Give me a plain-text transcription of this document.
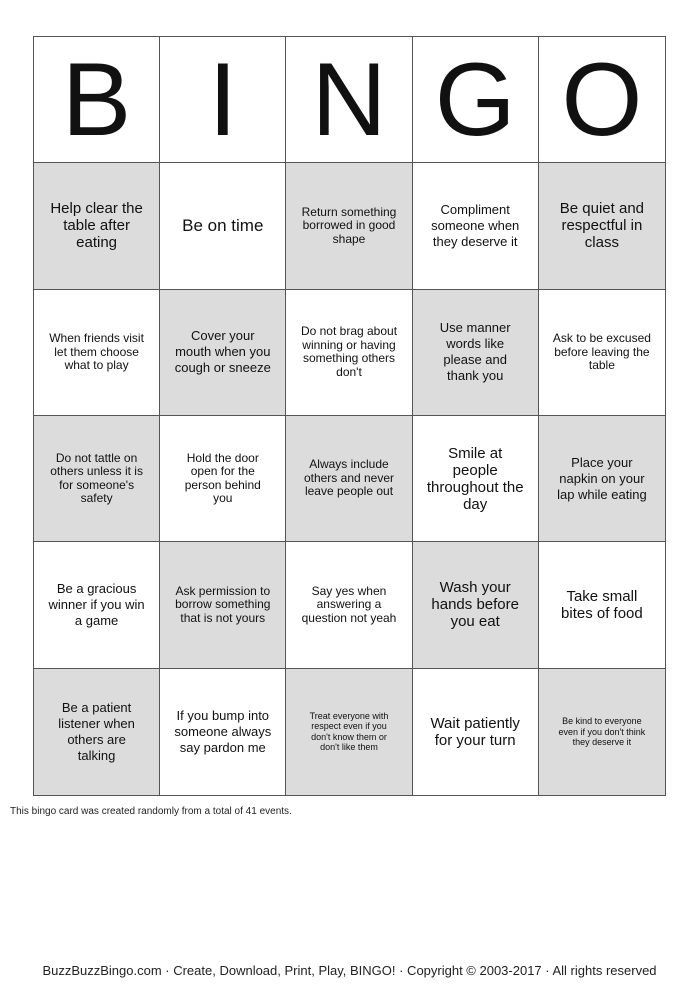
B I N G O
Help clear the table after eating
Be on time
Return something borrowed in good shape
Compliment someone when they deserve it
Be quiet and respectful in class
When friends visit let them choose what to play
Cover your mouth when you cough or sneeze
Do not brag about winning or having something others don't
Use manner words like please and thank you
Ask to be excused before leaving the table
Do not tattle on others unless it is for someone's safety
Hold the door open for the person behind you
Always include others and never leave people out
Smile at people throughout the day
Place your napkin on your lap while eating
Be a gracious winner if you win a game
Ask permission to borrow something that is not yours
Say yes when answering a question not yeah
Wash your hands before you eat
Take small bites of food
Be a patient listener when others are talking
If you bump into someone always say pardon me
Treat everyone with respect even if you don't know them or don't like them
Wait patiently for your turn
Be kind to everyone even if you don't think they deserve it
This bingo card was created randomly from a total of 41 events.
BuzzBuzzBingo.com · Create, Download, Print, Play, BINGO! · Copyright © 2003-2017 · All rights reserved
